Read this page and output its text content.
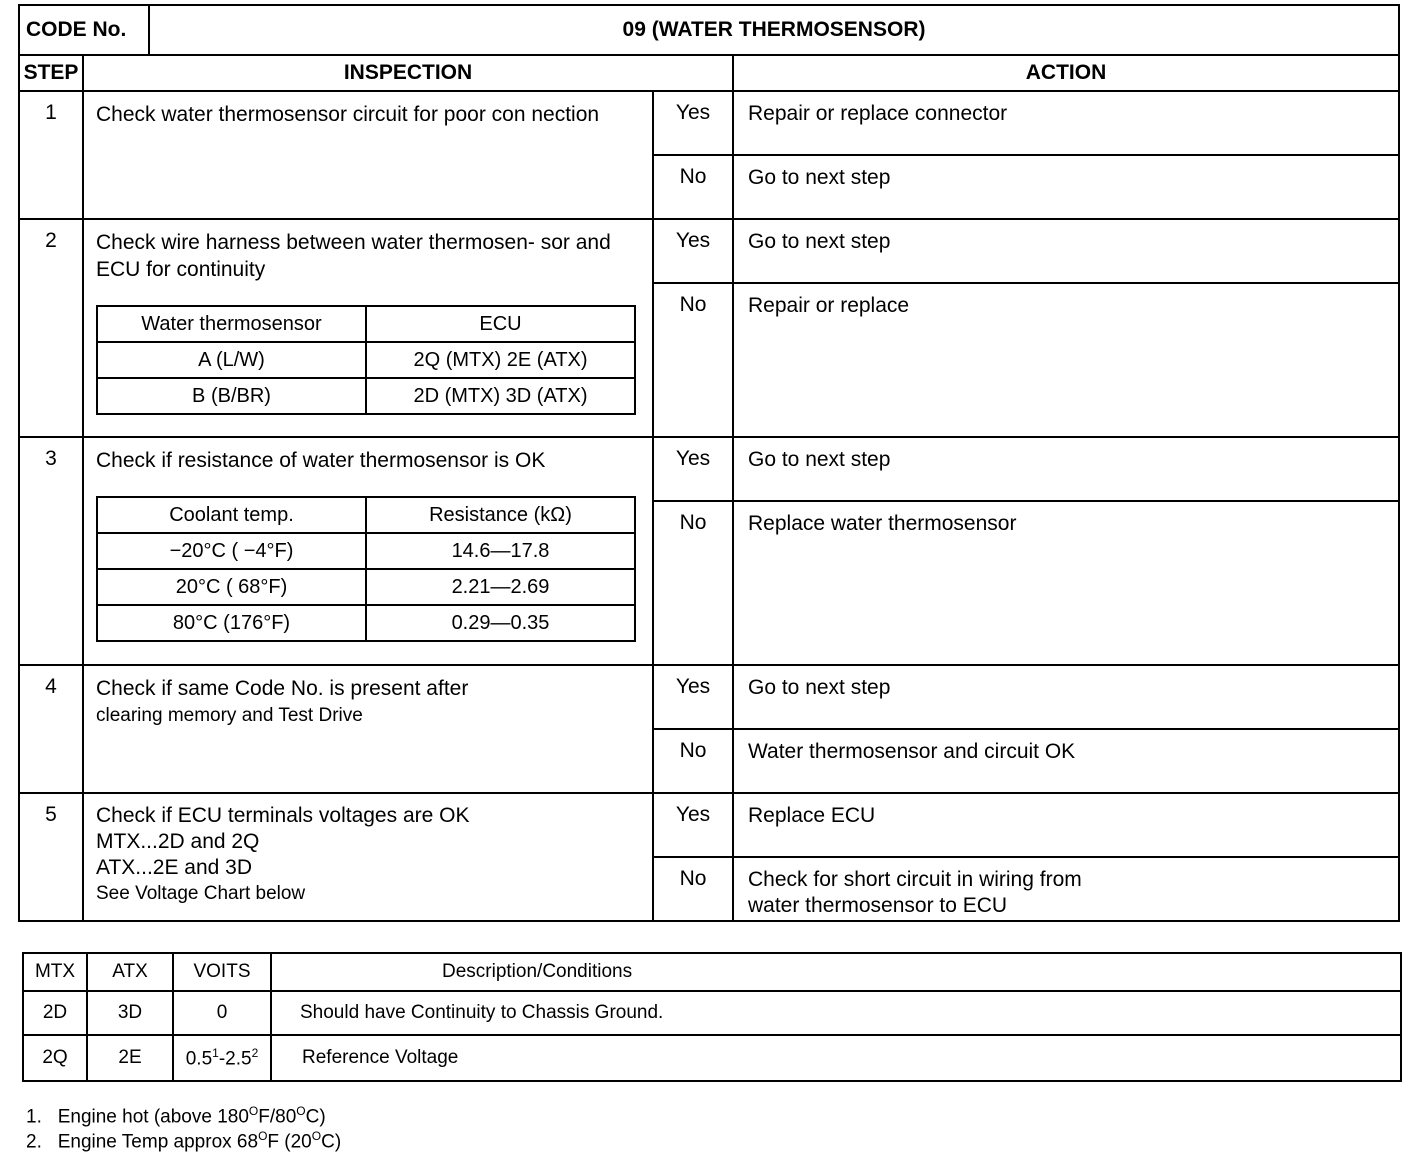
CODE No.	09 (WATER THERMOSENSOR)
STEP	INSPECTION	ACTION
1	Check water thermosensor circuit for poor con nection	Yes	Repair or replace connector
No	Go to next step
2	Check wire harness between water thermosen- sor and ECU for continuity
Water thermosensor	ECU
A (L/W)	2Q (MTX) 2E (ATX)
B (B/BR)	2D (MTX) 3D (ATX)
	Yes	Go to next step
No	Repair or replace
3	Check if resistance of water thermosensor is OK
Coolant temp.	Resistance (kΩ)
−20°C ( −4°F)	14.6—17.8
20°C ( 68°F)	2.21—2.69
80°C (176°F)	0.29—0.35
	Yes	Go to next step
No	Replace water thermosensor
4	Check if same Code No. is present after
clearing memory and Test Drive
	Yes	Go to next step
No	Water thermosensor and circuit OK
5	Check if ECU terminals voltages are OK
MTX...2D and 2Q
ATX...2E and 3D
See Voltage Chart below
	Yes	Replace ECU
No	Check for short circuit in wiring from
water thermosensor to ECU
MTX	ATX	VOITS	Description/Conditions
2D	3D	0	Should have Continuity to Chassis Ground.
2Q	2E	$0.5^1-2.5^2$	Reference Voltage
1. Engine hot (above $180^OF/80^OC$)
2. Engine Temp approx $68^OF$ $(20^OC)$
